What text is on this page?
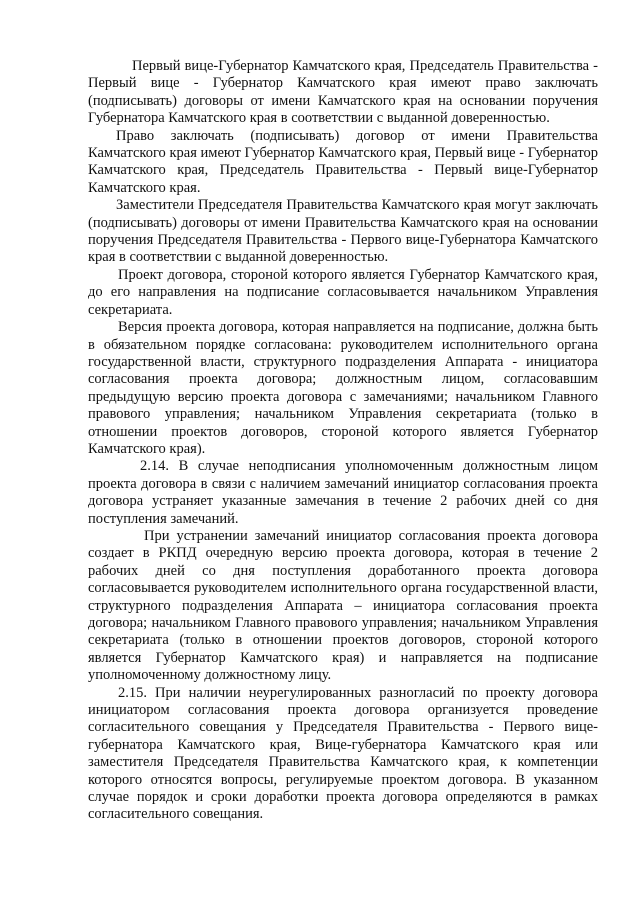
Первый вице-Губернатор Камчатского края, Председатель Правительства - Первый вице - Губернатор Камчатского края имеют право заключать (подписывать) договоры от имени Камчатского края на основании поручения Губернатора Камчатского края в соответствии с выданной доверенностью.

Право заключать (подписывать) договор от имени Правительства Камчатского края имеют Губернатор Камчатского края, Первый вице - Губернатор Камчатского края, Председатель Правительства - Первый вице-Губернатор Камчатского края.

Заместители Председателя Правительства Камчатского края могут заключать (подписывать) договоры от имени Правительства Камчатского края на основании поручения Председателя Правительства - Первого вице-Губернатора Камчатского края в соответствии с выданной доверенностью.

Проект договора, стороной которого является Губернатор Камчатского края, до его направления на подписание согласовывается начальником Управления секретариата.

Версия проекта договора, которая направляется на подписание, должна быть в обязательном порядке согласована: руководителем исполнительного органа государственной власти, структурного подразделения Аппарата - инициатора согласования проекта договора; должностным лицом, согласовавшим предыдущую версию проекта договора с замечаниями; начальником Главного правового управления; начальником Управления секретариата (только в отношении проектов договоров, стороной которого является Губернатор Камчатского края).

2.14. В случае неподписания уполномоченным должностным лицом проекта договора в связи с наличием замечаний инициатор согласования проекта договора устраняет указанные замечания в течение 2 рабочих дней со дня поступления замечаний.

При устранении замечаний инициатор согласования проекта договора создает в РКПД очередную версию проекта договора, которая в течение 2 рабочих дней со дня поступления доработанного проекта договора согласовывается руководителем исполнительного органа государственной власти, структурного подразделения Аппарата – инициатора согласования проекта договора; начальником Главного правового управления; начальником Управления секретариата (только в отношении проектов договоров, стороной которого является Губернатор Камчатского края) и направляется на подписание уполномоченному должностному лицу.

2.15. При наличии неурегулированных разногласий по проекту договора инициатором согласования проекта договора организуется проведение согласительного совещания у Председателя Правительства - Первого вице-губернатора Камчатского края, Вице-губернатора Камчатского края или заместителя Председателя Правительства Камчатского края, к компетенции которого относятся вопросы, регулируемые проектом договора. В указанном случае порядок и сроки доработки проекта договора определяются в рамках согласительного совещания.
